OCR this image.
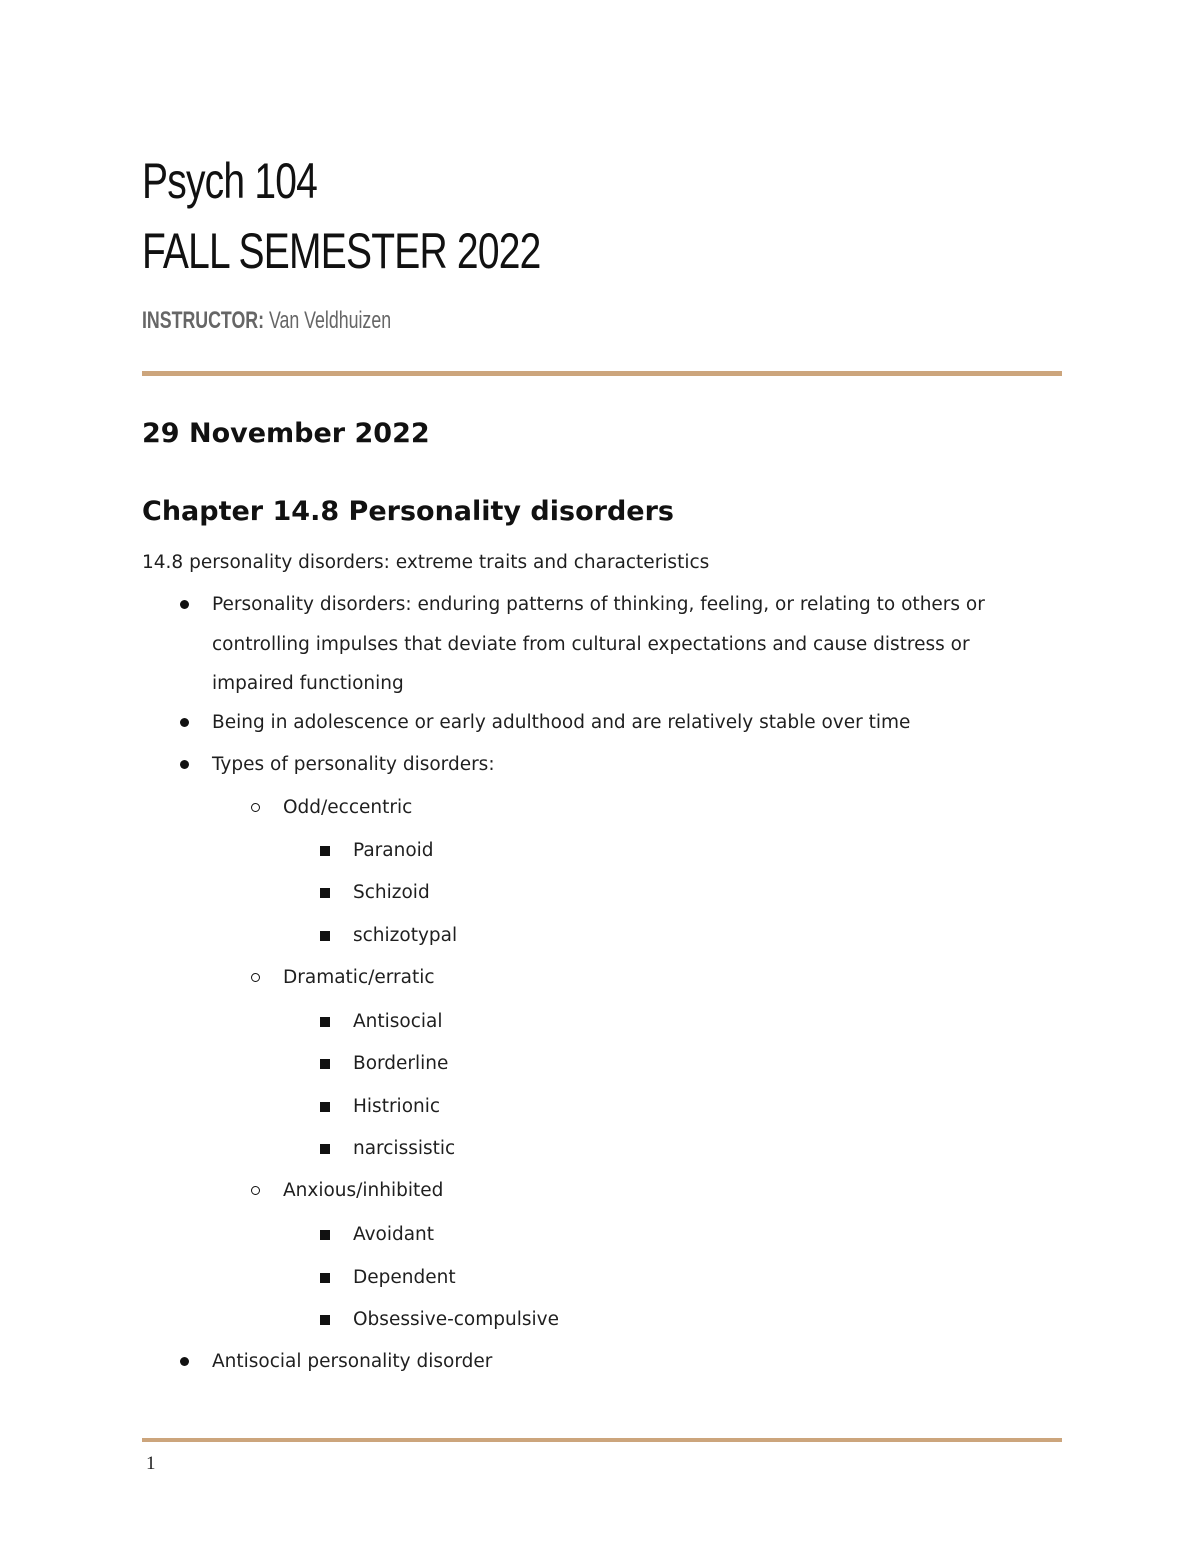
Psych 104
FALL SEMESTER 2022
INSTRUCTOR: Van Veldhuizen
29 November 2022
Chapter 14.8 Personality disorders
14.8 personality disorders: extreme traits and characteristics
Personality disorders: enduring patterns of thinking, feeling, or relating to others or
controlling impulses that deviate from cultural expectations and cause distress or
impaired functioning
Being in adolescence or early adulthood and are relatively stable over time
Types of personality disorders:
Odd/eccentric
Paranoid
Schizoid
schizotypal
Dramatic/erratic
Antisocial
Borderline
Histrionic
narcissistic
Anxious/inhibited
Avoidant
Dependent
Obsessive-compulsive
Antisocial personality disorder
1
